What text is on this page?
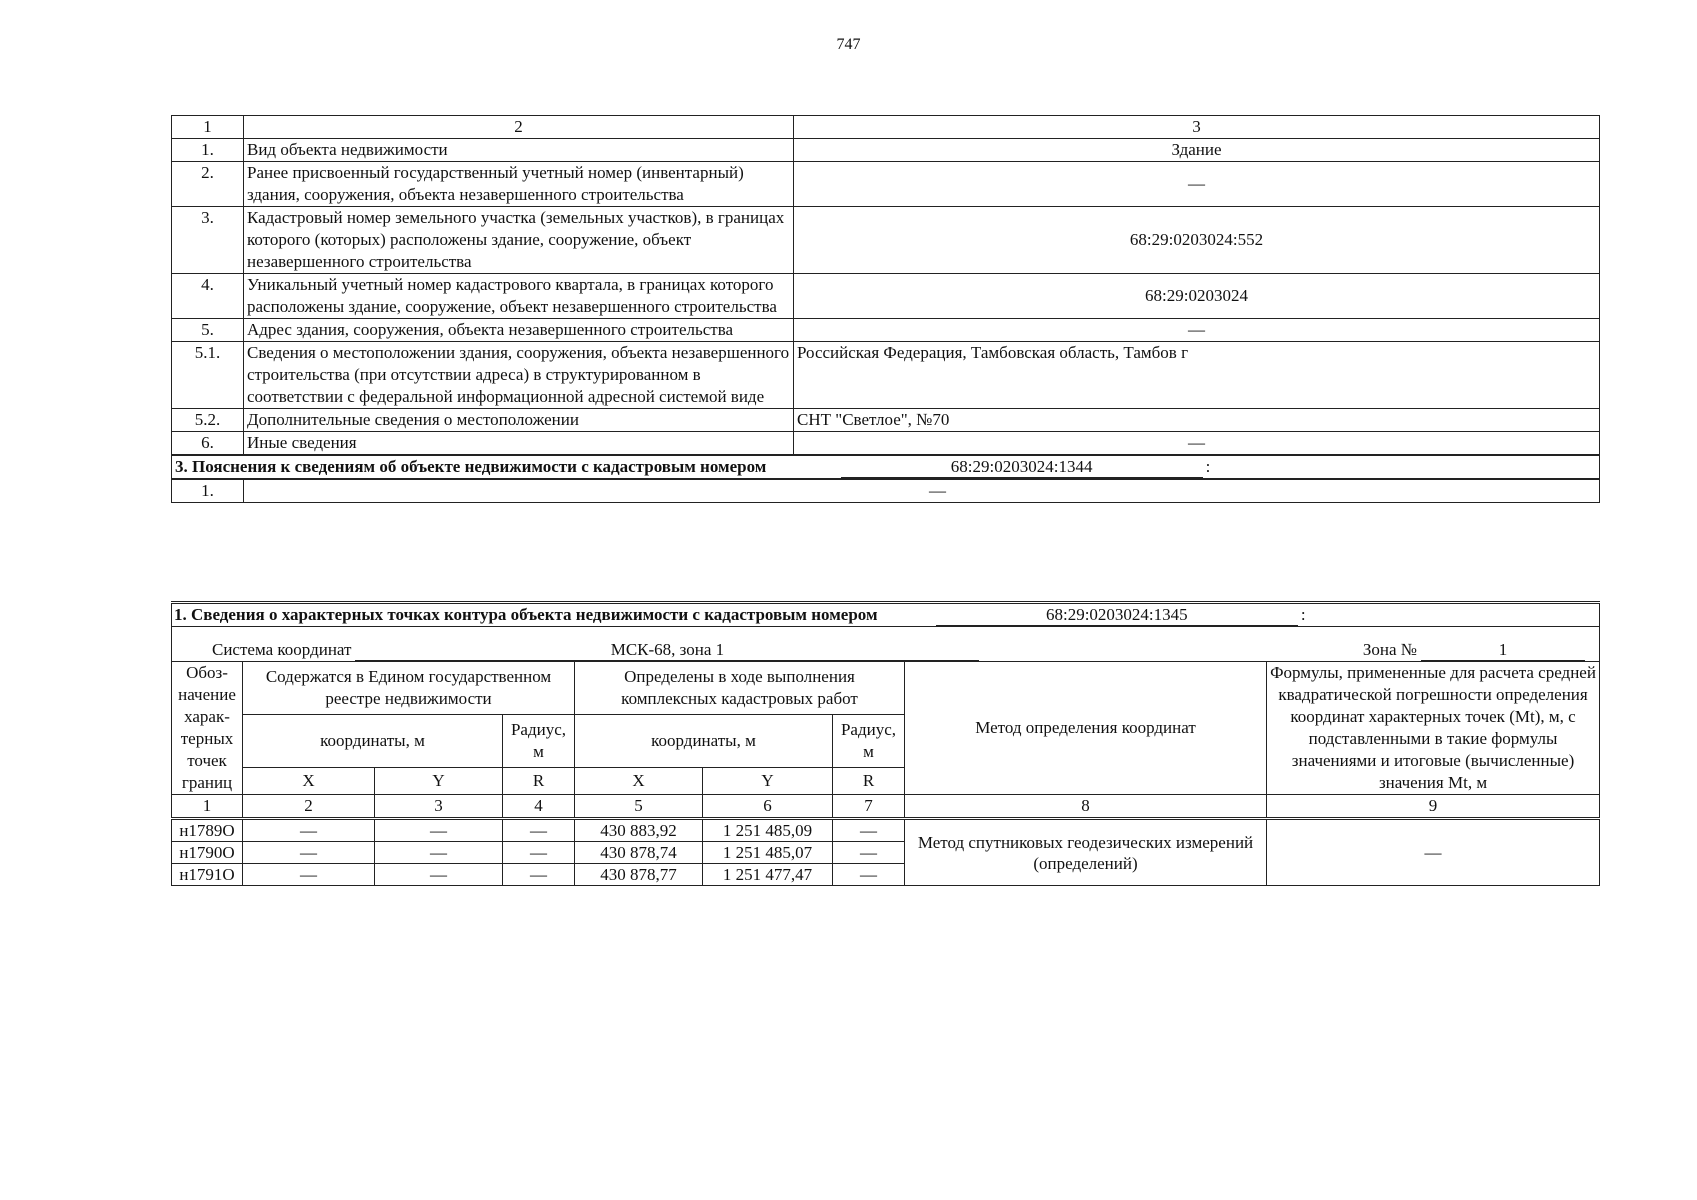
747
1	2	3
1.	Вид объекта недвижимости	Здание
2.	Ранее присвоенный государственный учетный номер (инвентарный) здания, сооружения, объекта незавершенного строительства	—
3.	Кадастровый номер земельного участка (земельных участков), в границах которого (которых) расположены здание, сооружение, объект незавершенного строительства	68:29:0203024:552
4.	Уникальный учетный номер кадастрового квартала, в границах которого расположены здание, сооружение, объект незавершенного строительства	68:29:0203024
5.	Адрес здания, сооружения, объекта незавершенного строительства	—
5.1.	Сведения о местоположении здания, сооружения, объекта незавершенного строительства (при отсутствии адреса) в структурированном в соответствии с федеральной информационной адресной системой виде	Российская Федерация, Тамбовская область, Тамбов г
5.2.	Дополнительные сведения о местоположении	СНТ "Светлое", №70
6.	Иные сведения	—
3. Пояснения к сведениям об объекте недвижимости с кадастровым номером 68:29:0203024:1344 :		
1.	—	
1. Сведения о характерных точках контура объекта недвижимости с кадастровым номером 68:29:0203024:1345 :								

Система координат МСК-68, зона 1 Зона № 1								

Обоз-начение харак-терных точек границ	Содержатся в Едином государственном реестре недвижимости			Определены в ходе выполнения комплексных кадастровых работ			Метод определения координат	Формулы, примененные для расчета средней квадратической погрешности определения координат характерных точек (Mt), м, с подставленными в такие формулы значениями и итоговые (вычисленные) значения Mt, м
	координаты, м		Радиус, м	координаты, м		Радиус, м		
	X	Y	R	X	Y	R		
1	2	3	4	5	6	7	8	9
н1789О	—	—	—	430 883,92	1 251 485,09	—	Метод спутниковых геодезических измерений (определений)	—
н1790О	—	—	—	430 878,74	1 251 485,07	—		
н1791О	—	—	—	430 878,77	1 251 477,47	—		
